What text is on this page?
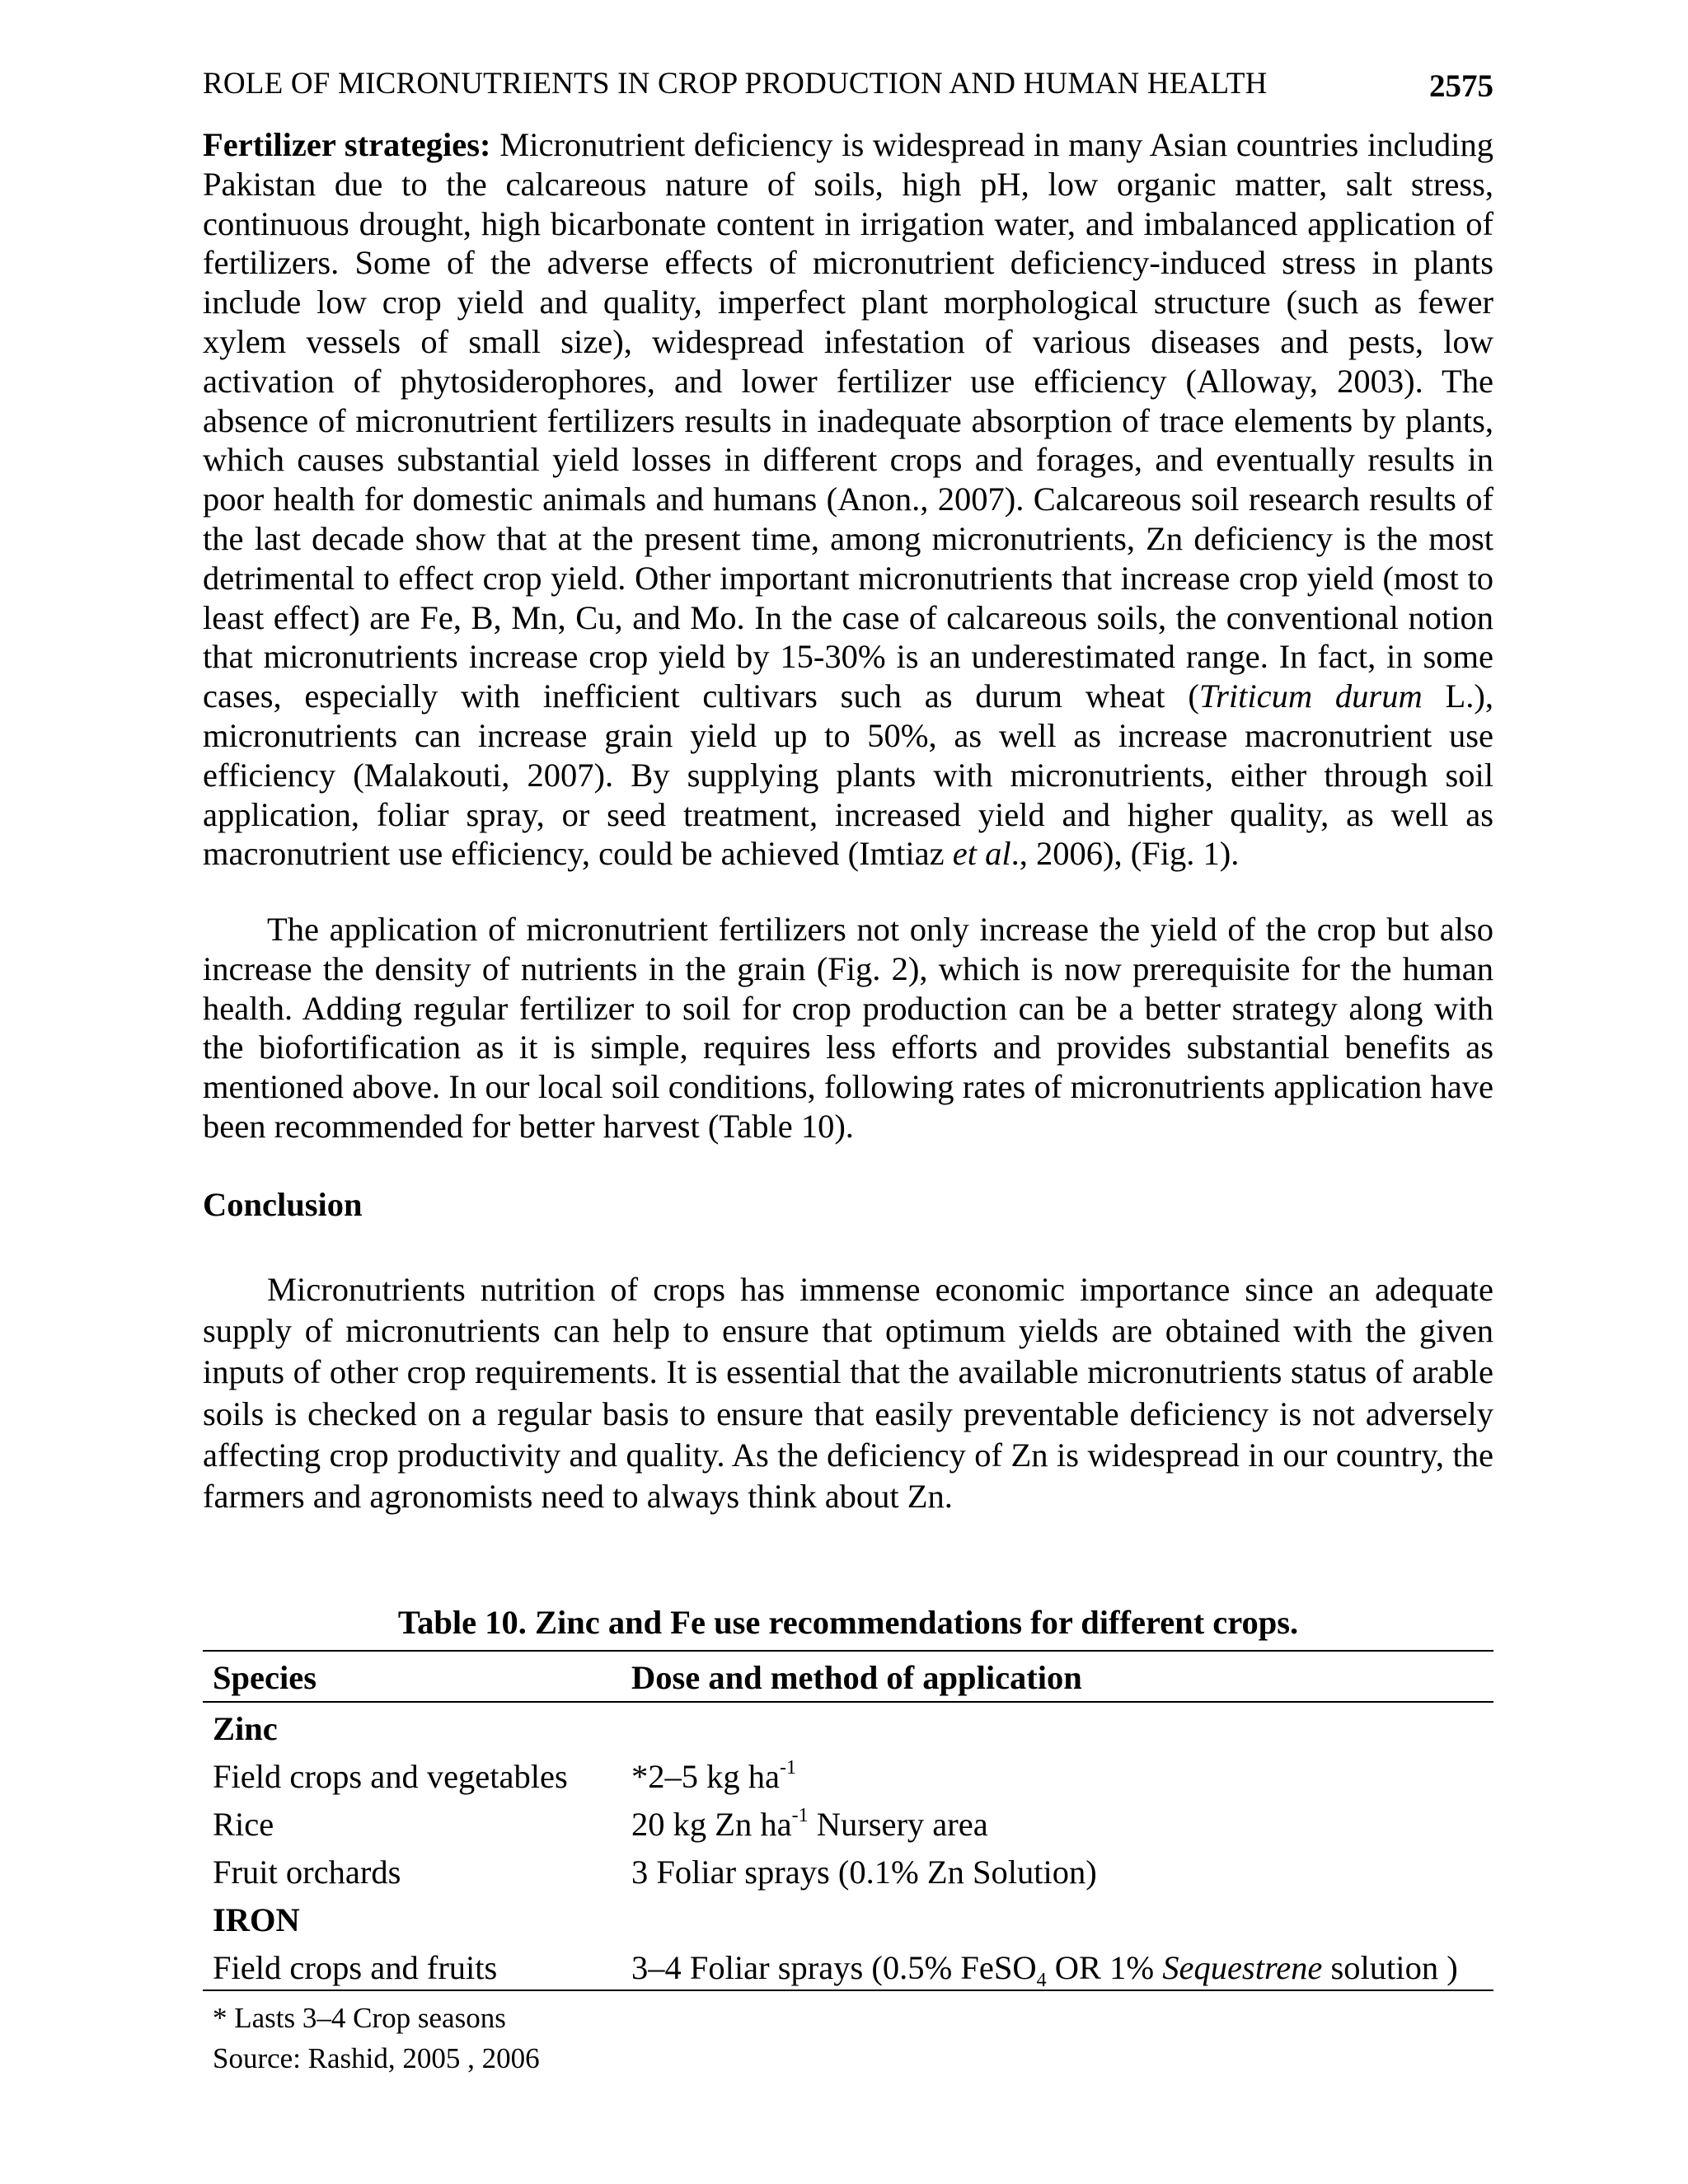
ROLE OF MICRONUTRIENTS IN CROP PRODUCTION AND HUMAN HEALTH	2575

Fertilizer strategies: Micronutrient deficiency is widespread in many Asian countries including Pakistan due to the calcareous nature of soils, high pH, low organic matter, salt stress, continuous drought, high bicarbonate content in irrigation water, and imbalanced application of fertilizers. Some of the adverse effects of micronutrient deficiency-induced stress in plants include low crop yield and quality, imperfect plant morphological structure (such as fewer xylem vessels of small size), widespread infestation of various diseases and pests, low activation of phytosiderophores, and lower fertilizer use efficiency (Alloway, 2003). The absence of micronutrient fertilizers results in inadequate absorption of trace elements by plants, which causes substantial yield losses in different crops and forages, and eventually results in poor health for domestic animals and humans (Anon., 2007). Calcareous soil research results of the last decade show that at the present time, among micronutrients, Zn deficiency is the most detrimental to effect crop yield. Other important micronutrients that increase crop yield (most to least effect) are Fe, B, Mn, Cu, and Mo. In the case of calcareous soils, the conventional notion that micronutrients increase crop yield by 15-30% is an underestimated range. In fact, in some cases, especially with inefficient cultivars such as durum wheat (Triticum durum L.), micronutrients can increase grain yield up to 50%, as well as increase macronutrient use efficiency (Malakouti, 2007). By supplying plants with micronutrients, either through soil application, foliar spray, or seed treatment, increased yield and higher quality, as well as macronutrient use efficiency, could be achieved (Imtiaz et al., 2006), (Fig. 1).

The application of micronutrient fertilizers not only increase the yield of the crop but also increase the density of nutrients in the grain (Fig. 2), which is now prerequisite for the human health. Adding regular fertilizer to soil for crop production can be a better strategy along with the biofortification as it is simple, requires less efforts and provides substantial benefits as mentioned above. In our local soil conditions, following rates of micronutrients application have been recommended for better harvest (Table 10).

Conclusion

Micronutrients nutrition of crops has immense economic importance since an adequate supply of micronutrients can help to ensure that optimum yields are obtained with the given inputs of other crop requirements. It is essential that the available micronutrients status of arable soils is checked on a regular basis to ensure that easily preventable deficiency is not adversely affecting crop productivity and quality. As the deficiency of Zn is widespread in our country, the farmers and agronomists need to always think about Zn.

Table 10. Zinc and Fe use recommendations for different crops.
Species	Dose and method of application
Zinc
Field crops and vegetables *2–5 kg $ha^{-1}$
Rice	20 kg Zn $ha^{-1}$ Nursery area
Fruit orchards	3 Foliar sprays (0.1% Zn Solution)
IRON
Field crops and fruits	3–4 Foliar sprays (0.5% FeSO$_4$ OR 1% Sequestrene solution )
* Lasts 3–4 Crop seasons
Source: Rashid, 2005 , 2006
